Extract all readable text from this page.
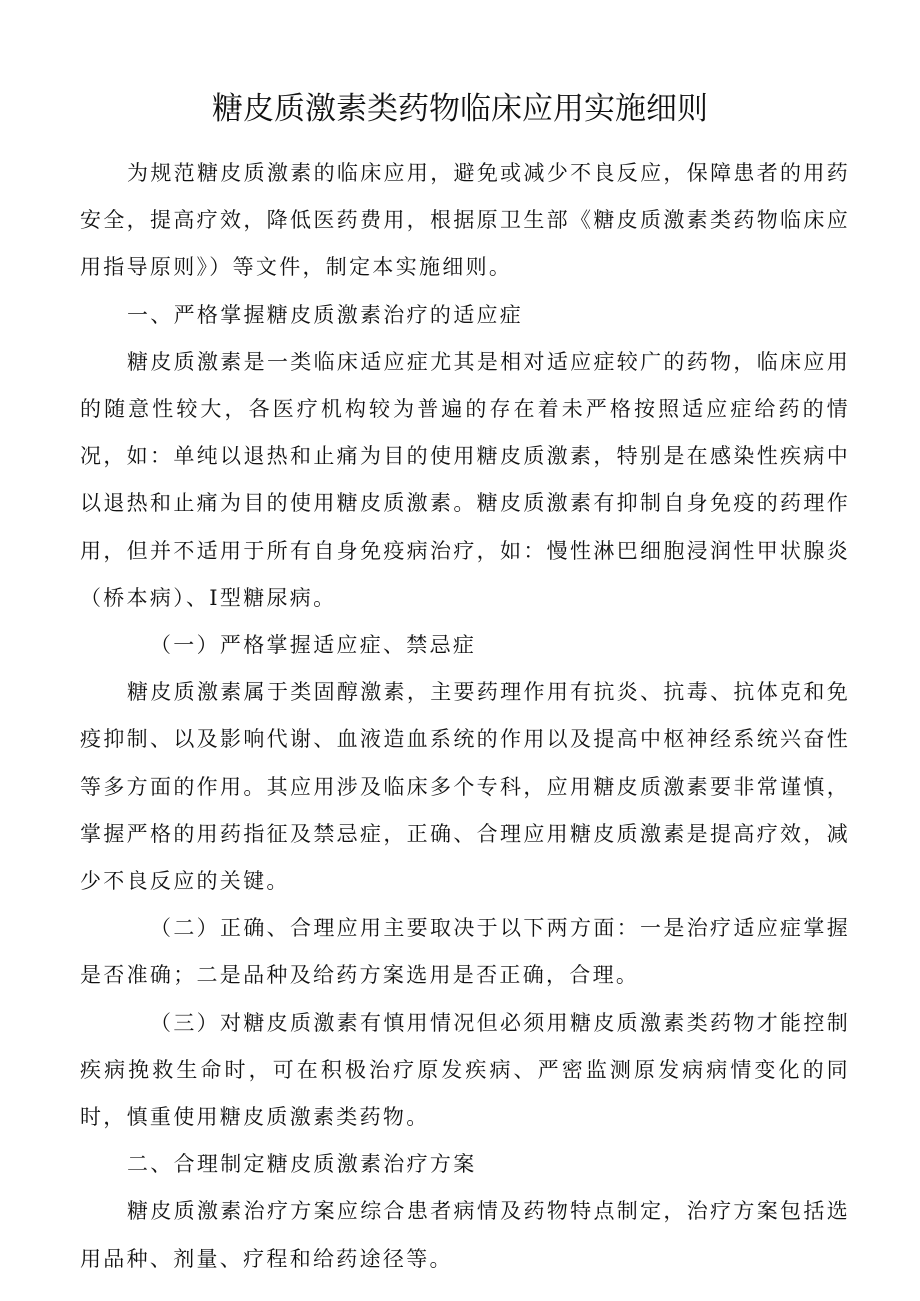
糖皮质激素类药物临床应用实施细则

为规范糖皮质激素的临床应用，避免或减少不良反应，保障患者的用药安全，提高疗效，降低医药费用，根据原卫生部《糖皮质激素类药物临床应用指导原则》）等文件，制定本实施细则。

一、严格掌握糖皮质激素治疗的适应症

糖皮质激素是一类临床适应症尤其是相对适应症较广的药物，临床应用的随意性较大，各医疗机构较为普遍的存在着未严格按照适应症给药的情况，如：单纯以退热和止痛为目的使用糖皮质激素，特别是在感染性疾病中以退热和止痛为目的使用糖皮质激素。糖皮质激素有抑制自身免疫的药理作用，但并不适用于所有自身免疫病治疗，如：慢性淋巴细胞浸润性甲状腺炎（桥本病）、I型糖尿病。

（一）严格掌握适应症、禁忌症

糖皮质激素属于类固醇激素，主要药理作用有抗炎、抗毒、抗体克和免疫抑制、以及影响代谢、血液造血系统的作用以及提高中枢神经系统兴奋性等多方面的作用。其应用涉及临床多个专科，应用糖皮质激素要非常谨慎，掌握严格的用药指征及禁忌症，正确、合理应用糖皮质激素是提高疗效，减少不良反应的关键。

（二）正确、合理应用主要取决于以下两方面：一是治疗适应症掌握是否准确；二是品种及给药方案选用是否正确，合理。

（三）对糖皮质激素有慎用情况但必须用糖皮质激素类药物才能控制疾病挽救生命时，可在积极治疗原发疾病、严密监测原发病病情变化的同时，慎重使用糖皮质激素类药物。

二、合理制定糖皮质激素治疗方案

糖皮质激素治疗方案应综合患者病情及药物特点制定，治疗方案包括选用品种、剂量、疗程和给药途径等。
